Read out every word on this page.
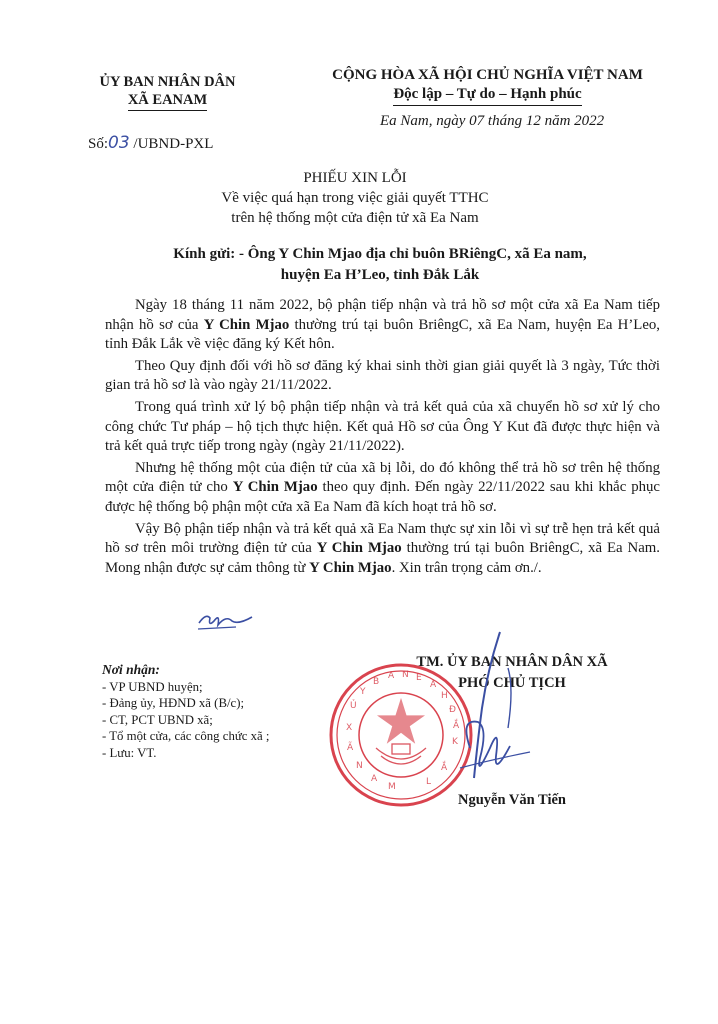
ỦY BAN NHÂN DÂN
XÃ EANAM
CỘNG HÒA XÃ HỘI CHỦ NGHĨA VIỆT NAM
Độc lập – Tự do – Hạnh phúc
Ea Nam, ngày 07 tháng 12 năm 2022
Số:03 /UBND-PXL
PHIẾU XIN LỖI
Về việc quá hạn trong việc giải quyết TTHC
trên hệ thống một cửa điện tử xã Ea Nam
Kính gửi: - Ông Y Chin Mjao địa chỉ buôn BRiêngC, xã Ea nam,
huyện Ea H’Leo, tỉnh Đắk Lắk

Ngày 18 tháng 11 năm 2022, bộ phận tiếp nhận và trả hồ sơ một cửa xã Ea Nam tiếp nhận hồ sơ của Y Chin Mjao thường trú tại buôn BriêngC, xã Ea Nam, huyện Ea H’Leo, tỉnh Đắk Lắk về việc đăng ký Kết hôn.

Theo Quy định đối với hồ sơ đăng ký khai sinh thời gian giải quyết là 3 ngày, Tức thời gian trả hồ sơ là vào ngày 21/11/2022.

Trong quá trình xử lý bộ phận tiếp nhận và trả kết quả của xã chuyển hồ sơ xử lý cho công chức Tư pháp – hộ tịch thực hiện. Kết quả Hồ sơ của Ông Y Kut đã được thực hiện và trả kết quả trực tiếp trong ngày (ngày 21/11/2022).

Nhưng hệ thống một của điện tử của xã bị lỗi, do đó không thể trả hồ sơ trên hệ thống một cửa điện tử cho Y Chin Mjao theo quy định. Đến ngày 22/11/2022 sau khi khắc phục được hệ thống bộ phận một cửa xã Ea Nam đã kích hoạt trả hồ sơ.

Vậy Bộ phận tiếp nhận và trả kết quả xã Ea Nam thực sự xin lỗi vì sự trễ hẹn trả kết quả hồ sơ trên môi trường điện tử của Y Chin Mjao thường trú tại buôn BriêngC, xã Ea Nam. Mong nhận được sự cảm thông từ Y Chin Mjao. Xin trân trọng cảm ơn./.

Nơi nhận:
- VP UBND huyện;
- Đảng ủy, HĐND xã (B/c);
- CT, PCT UBND xã;
- Tổ một cửa, các công chức xã ;
- Lưu: VT.
Ủ
Y
B
A N E
A
H
Đ
Ắ
K
X
Ã
N
A
M	L
Ắ
TM. ỦY BAN NHÂN DÂN XÃ
PHÓ CHỦ TỊCH
Nguyễn Văn Tiến
